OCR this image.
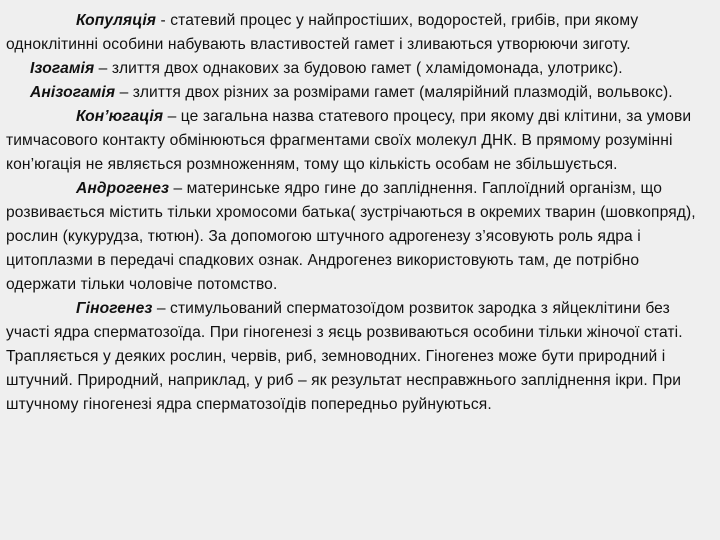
Копуляція - статевий процес у найпростіших, водоростей, грибів, при якому одноклітинні особини набувають властивостей гамет і зливаються утворюючи зиготу.

Ізогамія – злиття двох однакових за будовою гамет ( хламідомонада, улотрикс).

Анізогамія – злиття двох різних за розмірами гамет (малярійний плазмодій, вольвокс).

Кон’югація – це загальна назва статевого процесу, при якому дві клітини, за умови тимчасового контакту обмінюються фрагментами своїх молекул ДНК. В прямому розумінні кон’югація не являється розмноженням, тому що кількість особам не збільшується.

Андрогенез – материнське ядро гине до запліднення. Гаплоїдний організм, що розвивається містить тільки хромосоми батька( зустрічаються в окремих тварин (шовкопряд), рослин (кукурудза, тютюн). За допомогою штучного адрогенезу з’ясовують роль ядра і цитоплазми в передачі спадкових ознак. Андрогенез використовують там, де потрібно одержати тільки чоловіче потомство.

Гіногенез – стимульований сперматозоїдом розвиток зародка з яйцеклітини без участі ядра сперматозоїда. При гіногенезі з яєць розвиваються особини тільки жіночої статі. Трапляється у деяких рослин, червів, риб, земноводних. Гіногенез може бути природний і штучний. Природний, наприклад, у риб – як результат несправжнього запліднення ікри. При штучному гіногенезі ядра сперматозоїдів попередньо руйнуються.
